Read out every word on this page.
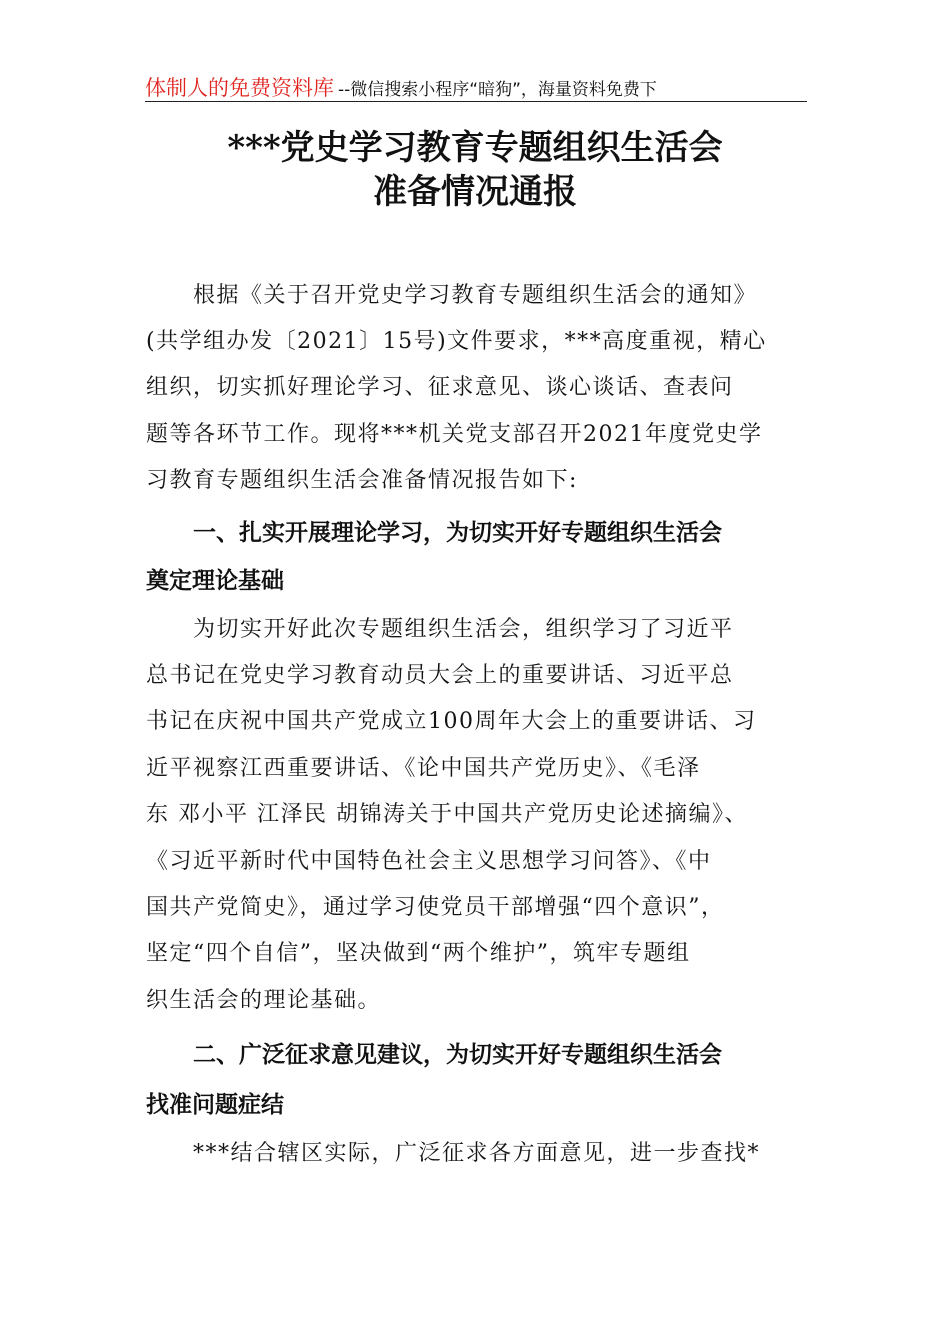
体制人的免费资料库 --微信搜索小程序“暗狗”，海量资料免费下
***党史学习教育专题组织生活会
准备情况通报
根据《关于召开党史学习教育专题组织生活会的通知》
(共学组办发〔2021〕15号)文件要求，***高度重视，精心
组织，切实抓好理论学习、征求意见、谈心谈话、查表问
题等各环节工作。现将***机关党支部召开2021年度党史学
习教育专题组织生活会准备情况报告如下:
一、扎实开展理论学习，为切实开好专题组织生活会
奠定理论基础
为切实开好此次专题组织生活会，组织学习了习近平
总书记在党史学习教育动员大会上的重要讲话、习近平总
书记在庆祝中国共产党成立100周年大会上的重要讲话、习
近平视察江西重要讲话、《论中国共产党历史》、《毛泽
东 邓小平 江泽民 胡锦涛关于中国共产党历史论述摘编》、
《习近平新时代中国特色社会主义思想学习问答》、《中
国共产党简史》，通过学习使党员干部增强“四个意识”，
坚定“四个自信”，坚决做到“两个维护”，筑牢专题组
织生活会的理论基础。
二、广泛征求意见建议，为切实开好专题组织生活会
找准问题症结
***结合辖区实际，广泛征求各方面意见，进一步查找*
